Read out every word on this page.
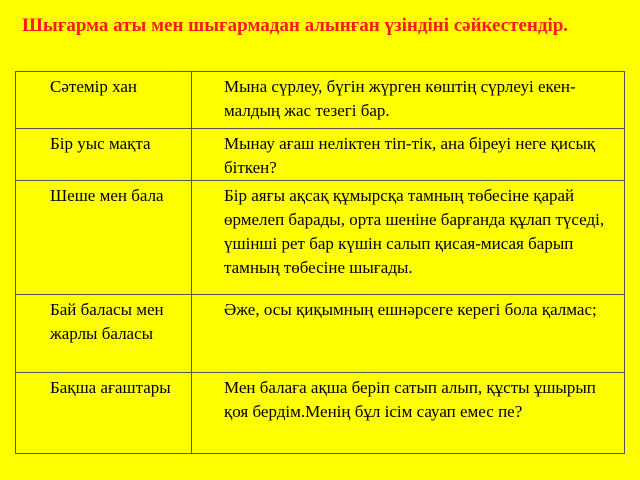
Шығарма аты мен шығармадан алынған үзіндіні сәйкестендір.
Сәтемір хан	Мына сүрлеу, бүгін жүрген көштің сүрлеуі екен-малдың жас тезегі бар.
Бір уыс мақта	Мынау ағаш неліктен тіп-тік, ана біреуі неге қисық біткен?
Шеше мен бала	Бір аяғы ақсақ құмырсқа тамның төбесіне қарай өрмелеп барады, орта шеніне барғанда құлап түседі, үшінші рет бар күшін салып қисая-мисая барып тамның төбесіне шығады.
Бай баласы мен жарлы баласы	Әже, осы қиқымның ешнәрсеге керегі бола қалмас;
Бақша ағаштары	Мен балаға ақша беріп сатып алып, құсты ұшырып қоя бердім.Менің бұл ісім сауап емес пе?
